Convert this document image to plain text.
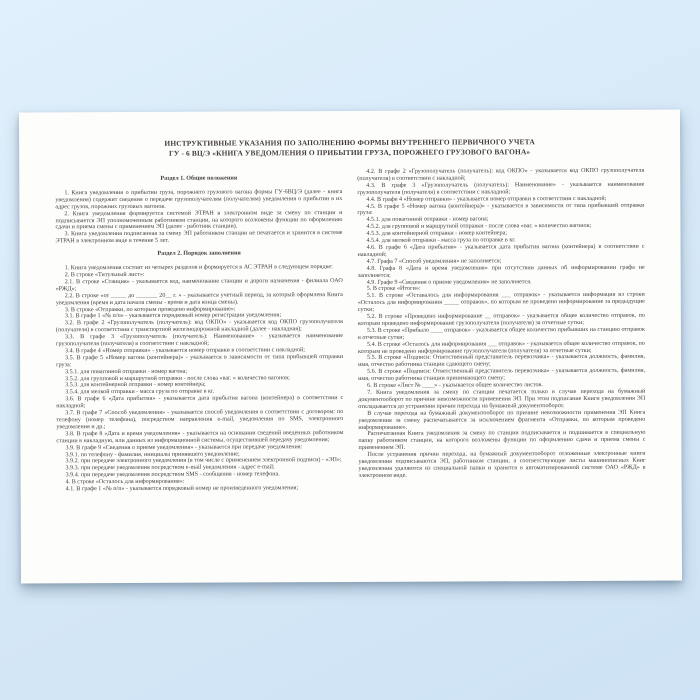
ИНСТРУКТИВНЫЕ УКАЗАНИЯ ПО ЗАПОЛНЕНИЮ ФОРМЫ ВНУТРЕННЕГО ПЕРВИЧНОГО УЧЕТА
ГУ - 6 ВЦ/Э «КНИГА УВЕДОМЛЕНИЯ О ПРИБЫТИИ ГРУЗА, ПОРОЖНЕГО ГРУЗОВОГО ВАГОНА»

Раздел 1. Общие положения

1. Книга уведомления о прибытии груза, порожнего грузового вагона формы ГУ-6ВЦ/Э (далее - книга уведомления) содержит сведения о передаче грузополучателям (получателям) уведомления о прибытии в их адрес грузов, порожних грузовых вагонов.

2. Книга уведомления формируется системой ЭТРАН в электронном виде за смену по станции и подписывается ЭП уполномоченным работником станции, на которого возложены функции по оформлению сдачи и приема смены с применением ЭП (далее - работник станции).

3. Книга уведомления подписанная за смену ЭП работником станции не печатается и хранится в системе ЭТРАН в электронном виде в течение 5 лет.

Раздел 2. Порядок заполнения

1. Книга уведомления состоит из четырех разделов и формируется в АС ЭТРАН в следующем порядке:

2. В строке «Титульный лист»:

2.1. В строке «Станция» - указывается код, наименование станции и дороги назначения - филиала ОАО «РЖД»;

2.2. В строке «от _____ до _______ 20__ г. » - указывается учетный период, за который оформлена Книга уведомления (время и дата начала смены - время и дата конца смены).

3. В строке «Отправки, по которым проведено информирование»:

3.1. В графе 1 «№ п/п» - указывается порядковый номер регистрации уведомления;

3.2. В графе 2 «Грузополучатель (получатель): код ОКПО» - указывается код ОКПО грузополучателя (получателя) в соответствии с транспортной железнодорожной накладной (далее - накладная);

3.3. В графе 3 «Грузополучатель (получатель): Наименование» - указывается наименование грузополучателя (получателя) в соответствии с накладной;

3.4. В графе 4 «Номер отправки» - указывается номер отправки в соответствии с накладной;

3.5. В графе 5 «Номер вагона (контейнера)» - указывается в зависимости от типа прибывшей отправки груза:

3.5.1. для повагонной отправки - номер вагона;

3.5.2. для групповой и маршрутной отправки - после слова «ваг. » количество вагонов;

3.5.3. для контейнерной отправки - номер контейнера;

3.5.4. для мелкой отправки - масса груза по отправке в кг.

3.6. В графе 6 «Дата прибытия» - указывается дата прибытия вагона (контейнера) в соответствии с накладной;

3.7. В графе 7 «Способ уведомления» - указывается способ уведомления в соответствии с договором: по телефону (номер телефона), посредством направления e-mail, уведомления по SMS, электронного уведомления и др.;

3.8. В графе 8 «Дата и время уведомления» - указывается на основании сведений введенных работником станции в накладную, или данных из информационной системы, осуществившей передачу уведомления;

3.9. В графе 9 «Сведения о приеме уведомления» - указывается при передаче уведомления:

3.9.1. по телефону - фамилия, инициалы принявшего уведомление;

3.9.2. при передаче электронного уведомления (в том числе с применением электронной подписи) - «ЭП»;

3.9.3. при передаче уведомления посредством e-mail уведомления - адрес e-mail;

3.9.4. при передаче уведомления посредством SMS - сообщения - номер телефона.

4. В строке «Осталось для информирования»:

4.1. В графе 1 «№ п/п» - указывается порядковый номер не произведенного уведомления;

4.2. В графе 2 «Грузополучатель (получатель): код ОКПО» - указывается код ОКПО грузополучателя (получателя) в соответствии с накладной;

4.3. В графе 3 «Грузополучатель (получатель): Наименование» - указывается наименование грузополучателя (получателя) в соответствии с накладной;

4.4. В графе 4 «Номер отправки» - указывается номер отправки в соответствии с накладной;

4.5. В графе 5 «Номер вагона (контейнера)» - указывается в зависимости от типа прибывшей отправки груза:

4.5.1. для повагонной отправки - номер вагона;

4.5.2. для групповой и маршрутной отправки - после слова «ваг. » количество вагонов;

4.5.3. для контейнерной отправки - номер контейнера;

4.5.4. для мелкой отправки - масса груза по отправке в кг.

4.6. В графе 6 «Дата прибытия» - указывается дата прибытия вагона (контейнера) в соответствии с накладной;

4.7. Графа 7 «Способ уведомления» не заполняется;

4.8. Графа 8 «Дата и время уведомления» при отсутствии данных об информировании графа не заполняется;

4.9. Графе 9 «Сведения о приеме уведомления» не заполняется.

5. В строке «Итоги»:

5.1. В строке «Оставалось для информирования ___ отправок» - указывается информация из строки «Осталось для информирования _____ отправок», по которым не проведено информирование за предыдущие сутки;

5.2. В строке «Проведено информирование __ отправок» - указывается общее количество отправок, по которым проведено информирование грузополучателя (получателя) за отчетные сутки;

5.3. В строке «Прибыло ____ отправок» - указывается общее количество прибывших на станцию отправок в отчетные сутки;

5.4. В строке «Осталось для информирования ___ отправок» - указывается общее количество отправок, по которым не проведено информирование грузополучателя (получателя) за отчетные сутки;

5.5. В строке «Подписи: Ответственный представитель перевозчика» - указывается должность, фамилия, имя, отчество работника станции сдающего смену;

5.6. В строке «Подписи: Ответственный представитель перевозчика» - указывается должность, фамилия, имя, отчество работника станции принимающего смену;

6. В строке «Лист № ____» - указывается общее количество листов.

7. Книга уведомления за смену по станции печатается только в случае перехода на бумажный документооборот по причине невозможности применения ЭП. При этом подписание Книги уведомления ЭП откладывается до устранения причин перехода на бумажный документооборот.

В случае перехода на бумажный документооборот по причине невозможности применения ЭП Книга уведомления за смену распечатывается за исключением фрагмента «Отправки, по которым проведено информирование».

Распечатанная Книга уведомления за смену по станции подписывается и подшивается в специальную папку работником станции, на которого возложены функции по оформлению сдачи и приема смены с применением ЭП.

После устранения причин перехода, на бумажный документооборот отложенные электронные книги уведомления подписываются ЭП, работником станции, а соответствующие листы машинописных Книг уведомления удаляются из специальной папки и хранятся в автоматизированной системе ОАО «РЖД» в электронном виде.
